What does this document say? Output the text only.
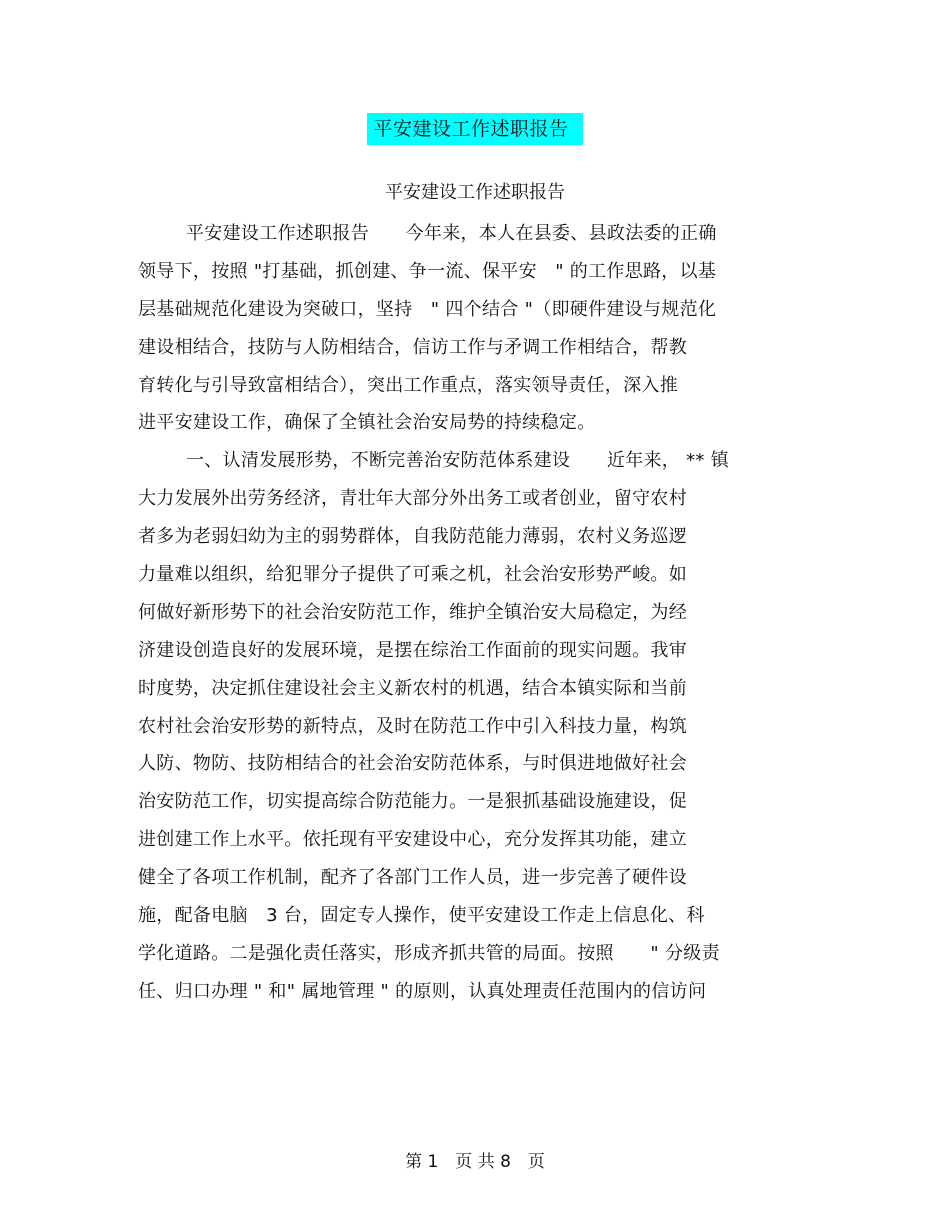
平安建设工作述职报告
平安建设工作述职报告
平安建设工作述职报告　　今年来，本人在县委、县政法委的正确
领导下，按照 "打基础，抓创建、争一流、保平安　" 的工作思路，以基
层基础规范化建设为突破口，坚持　" 四个结合 "（即硬件建设与规范化
建设相结合，技防与人防相结合，信访工作与矛调工作相结合，帮教
育转化与引导致富相结合），突出工作重点，落实领导责任，深入推
进平安建设工作，确保了全镇社会治安局势的持续稳定。
一、认清发展形势，不断完善治安防范体系建设　　近年来， ** 镇
大力发展外出劳务经济，青壮年大部分外出务工或者创业，留守农村
者多为老弱妇幼为主的弱势群体，自我防范能力薄弱，农村义务巡逻
力量难以组织，给犯罪分子提供了可乘之机，社会治安形势严峻。如
何做好新形势下的社会治安防范工作，维护全镇治安大局稳定，为经
济建设创造良好的发展环境，是摆在综治工作面前的现实问题。我审
时度势，决定抓住建设社会主义新农村的机遇，结合本镇实际和当前
农村社会治安形势的新特点，及时在防范工作中引入科技力量，构筑
人防、物防、技防相结合的社会治安防范体系，与时俱进地做好社会
治安防范工作，切实提高综合防范能力。一是狠抓基础设施建设，促
进创建工作上水平。依托现有平安建设中心，充分发挥其功能，建立
健全了各项工作机制，配齐了各部门工作人员，进一步完善了硬件设
施，配备电脑　3 台，固定专人操作，使平安建设工作走上信息化、科
学化道路。二是强化责任落实，形成齐抓共管的局面。按照　　" 分级责
任、归口办理 " 和" 属地管理 " 的原则，认真处理责任范围内的信访问
第 1　页 共 8　页
